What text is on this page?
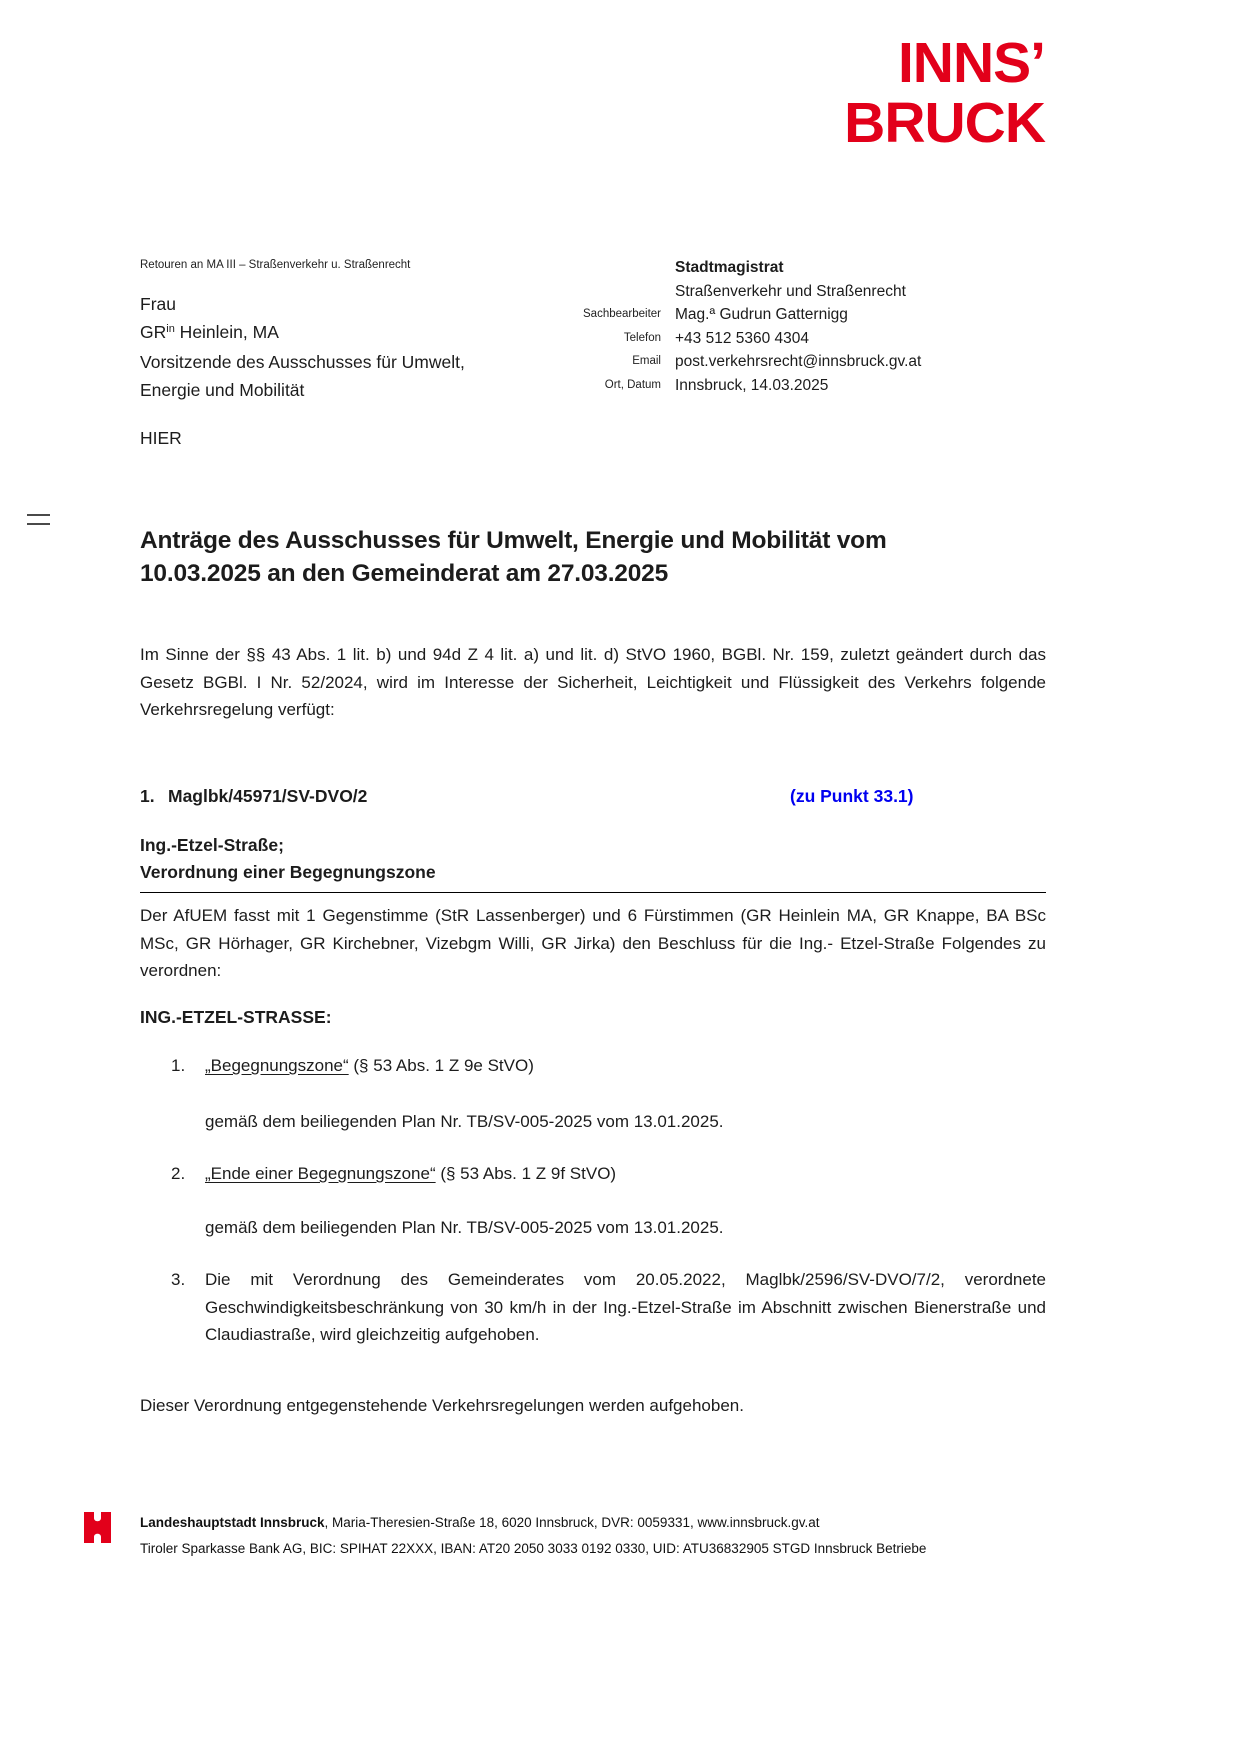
INNS’
BRUCK
Retouren an MA III – Straßenverkehr u. Straßenrecht
Frau
$GR^{in}$ Heinlein, MA
Vorsitzende des Ausschusses für Umwelt,
Energie und Mobilität
HIER
Stadtmagistrat
Straßenverkehr und Straßenrecht
Sachbearbeiter Mag.ª Gudrun Gatternigg
Telefon +43 512 5360 4304
Email post.verkehrsrecht@innsbruck.gv.at
Ort, Datum Innsbruck, 14.03.2025
Anträge des Ausschusses für Umwelt, Energie und Mobilität vom
10.03.2025 an den Gemeinderat am 27.03.2025
Im Sinne der §§ 43 Abs. 1 lit. b) und 94d Z 4 lit. a) und lit. d) StVO 1960, BGBl. Nr. 159, zuletzt geändert durch das Gesetz BGBl. I Nr. 52/2024, wird im Interesse der Sicherheit, Leichtigkeit und Flüssigkeit des Verkehrs folgende Verkehrsregelung verfügt:
1. Maglbk/45971/SV-DVO/2	(zu Punkt 33.1)
Ing.-Etzel-Straße;
Verordnung einer Begegnungszone
Der AfUEM fasst mit 1 Gegenstimme (StR Lassenberger) und 6 Fürstimmen (GR Heinlein MA, GR Knappe, BA BSc MSc, GR Hörhager, GR Kirchebner, Vizebgm Willi, GR Jirka) den Beschluss für die Ing.- Etzel-Straße Folgendes zu verordnen:
ING.-ETZEL-STRASSE:
1.	„Begegnungszone“ (§ 53 Abs. 1 Z 9e StVO)
gemäß dem beiliegenden Plan Nr. TB/SV-005-2025 vom 13.01.2025.
2.	„Ende einer Begegnungszone“ (§ 53 Abs. 1 Z 9f StVO)
gemäß dem beiliegenden Plan Nr. TB/SV-005-2025 vom 13.01.2025.
3.	Die mit Verordnung des Gemeinderates vom 20.05.2022, Maglbk/2596/SV-DVO/7/2, verordnete Geschwindigkeitsbeschränkung von 30 km/h in der Ing.-Etzel-Straße im Abschnitt zwischen Bienerstraße und Claudiastraße, wird gleichzeitig aufgehoben.
Dieser Verordnung entgegenstehende Verkehrsregelungen werden aufgehoben.
Landeshauptstadt Innsbruck, Maria-Theresien-Straße 18, 6020 Innsbruck, DVR: 0059331, www.innsbruck.gv.at
Tiroler Sparkasse Bank AG, BIC: SPIHAT 22XXX, IBAN: AT20 2050 3033 0192 0330, UID: ATU36832905 STGD Innsbruck Betriebe
